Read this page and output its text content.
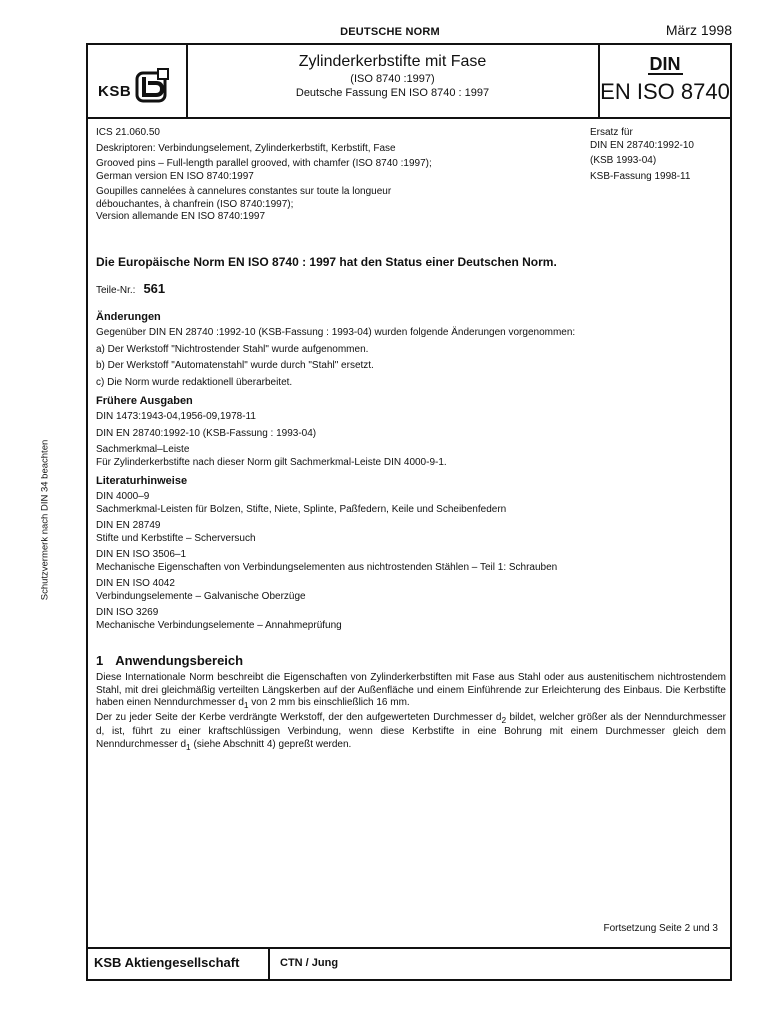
DEUTSCHE NORM	März 1998
Schutzvermerk nach DIN 34 beachten
KSB
Zylinderkerbstifte mit Fase
(ISO 8740 :1997)
Deutsche Fassung EN ISO 8740 : 1997
DIN
EN ISO 8740
ICS 21.060.50
Deskriptoren: Verbindungselement, Zylinderkerbstift, Kerbstift, Fase
Grooved pins – Full-length parallel grooved, with chamfer (ISO 8740 :1997);
German version EN ISO 8740:1997
Goupilles cannelées à cannelures constantes sur toute la longueur
débouchantes, à chanfrein (ISO 8740:1997);
Version allemande EN ISO 8740:1997
Ersatz für
DIN EN 28740:1992-10
(KSB 1993-04)
KSB-Fassung 1998-11
Die Europäische Norm EN ISO 8740 : 1997 hat den Status einer Deutschen Norm.
Teile-Nr.: 561
Änderungen
Gegenüber DIN EN 28740 :1992-10 (KSB-Fassung : 1993-04) wurden folgende Änderungen vorgenommen:
a) Der Werkstoff "Nichtrostender Stahl" wurde aufgenommen.
b) Der Werkstoff "Automatenstahl" wurde durch "Stahl" ersetzt.
c) Die Norm wurde redaktionell überarbeitet.
Frühere Ausgaben
DIN 1473:1943-04,1956-09,1978-11
DIN EN 28740:1992-10 (KSB-Fassung : 1993-04)
Sachmerkmal–Leiste
Für Zylinderkerbstifte nach dieser Norm gilt Sachmerkmal-Leiste DIN 4000-9-1.
Literaturhinweise
DIN 4000–9
Sachmerkmal-Leisten für Bolzen, Stifte, Niete, Splinte, Paßfedern, Keile und Scheibenfedern
DIN EN 28749
Stifte und Kerbstifte – Scherversuch
DIN EN ISO 3506–1
Mechanische Eigenschaften von Verbindungselementen aus nichtrostenden Stählen – Teil 1: Schrauben
DIN EN ISO 4042
Verbindungselemente – Galvanische Oberzüge
DIN ISO 3269
Mechanische Verbindungselemente – Annahmeprüfung
1 Anwendungsbereich
Diese Internationale Norm beschreibt die Eigenschaften von Zylinderkerbstiften mit Fase aus Stahl oder aus austenitischem nichtrostendem Stahl, mit drei gleichmäßig verteilten Längskerben auf der Außenfläche und einem Einführende zur Erleichterung des Einbaus. Die Kerbstifte haben einen Nenndurchmesser $d_1$ von 2 mm bis einschließlich 16 mm.
Der zu jeder Seite der Kerbe verdrängte Werkstoff, der den aufgewerteten Durchmesser $d_2$ bildet, welcher größer als der Nenndurchmesser d, ist, führt zu einer kraftschlüssigen Verbindung, wenn diese Kerbstifte in eine Bohrung mit einem Durchmesser gleich dem Nenndurchmesser $d_1$ (siehe Abschnitt 4) gepreßt werden.
Fortsetzung Seite 2 und 3
KSB Aktiengesellschaft	CTN / Jung
